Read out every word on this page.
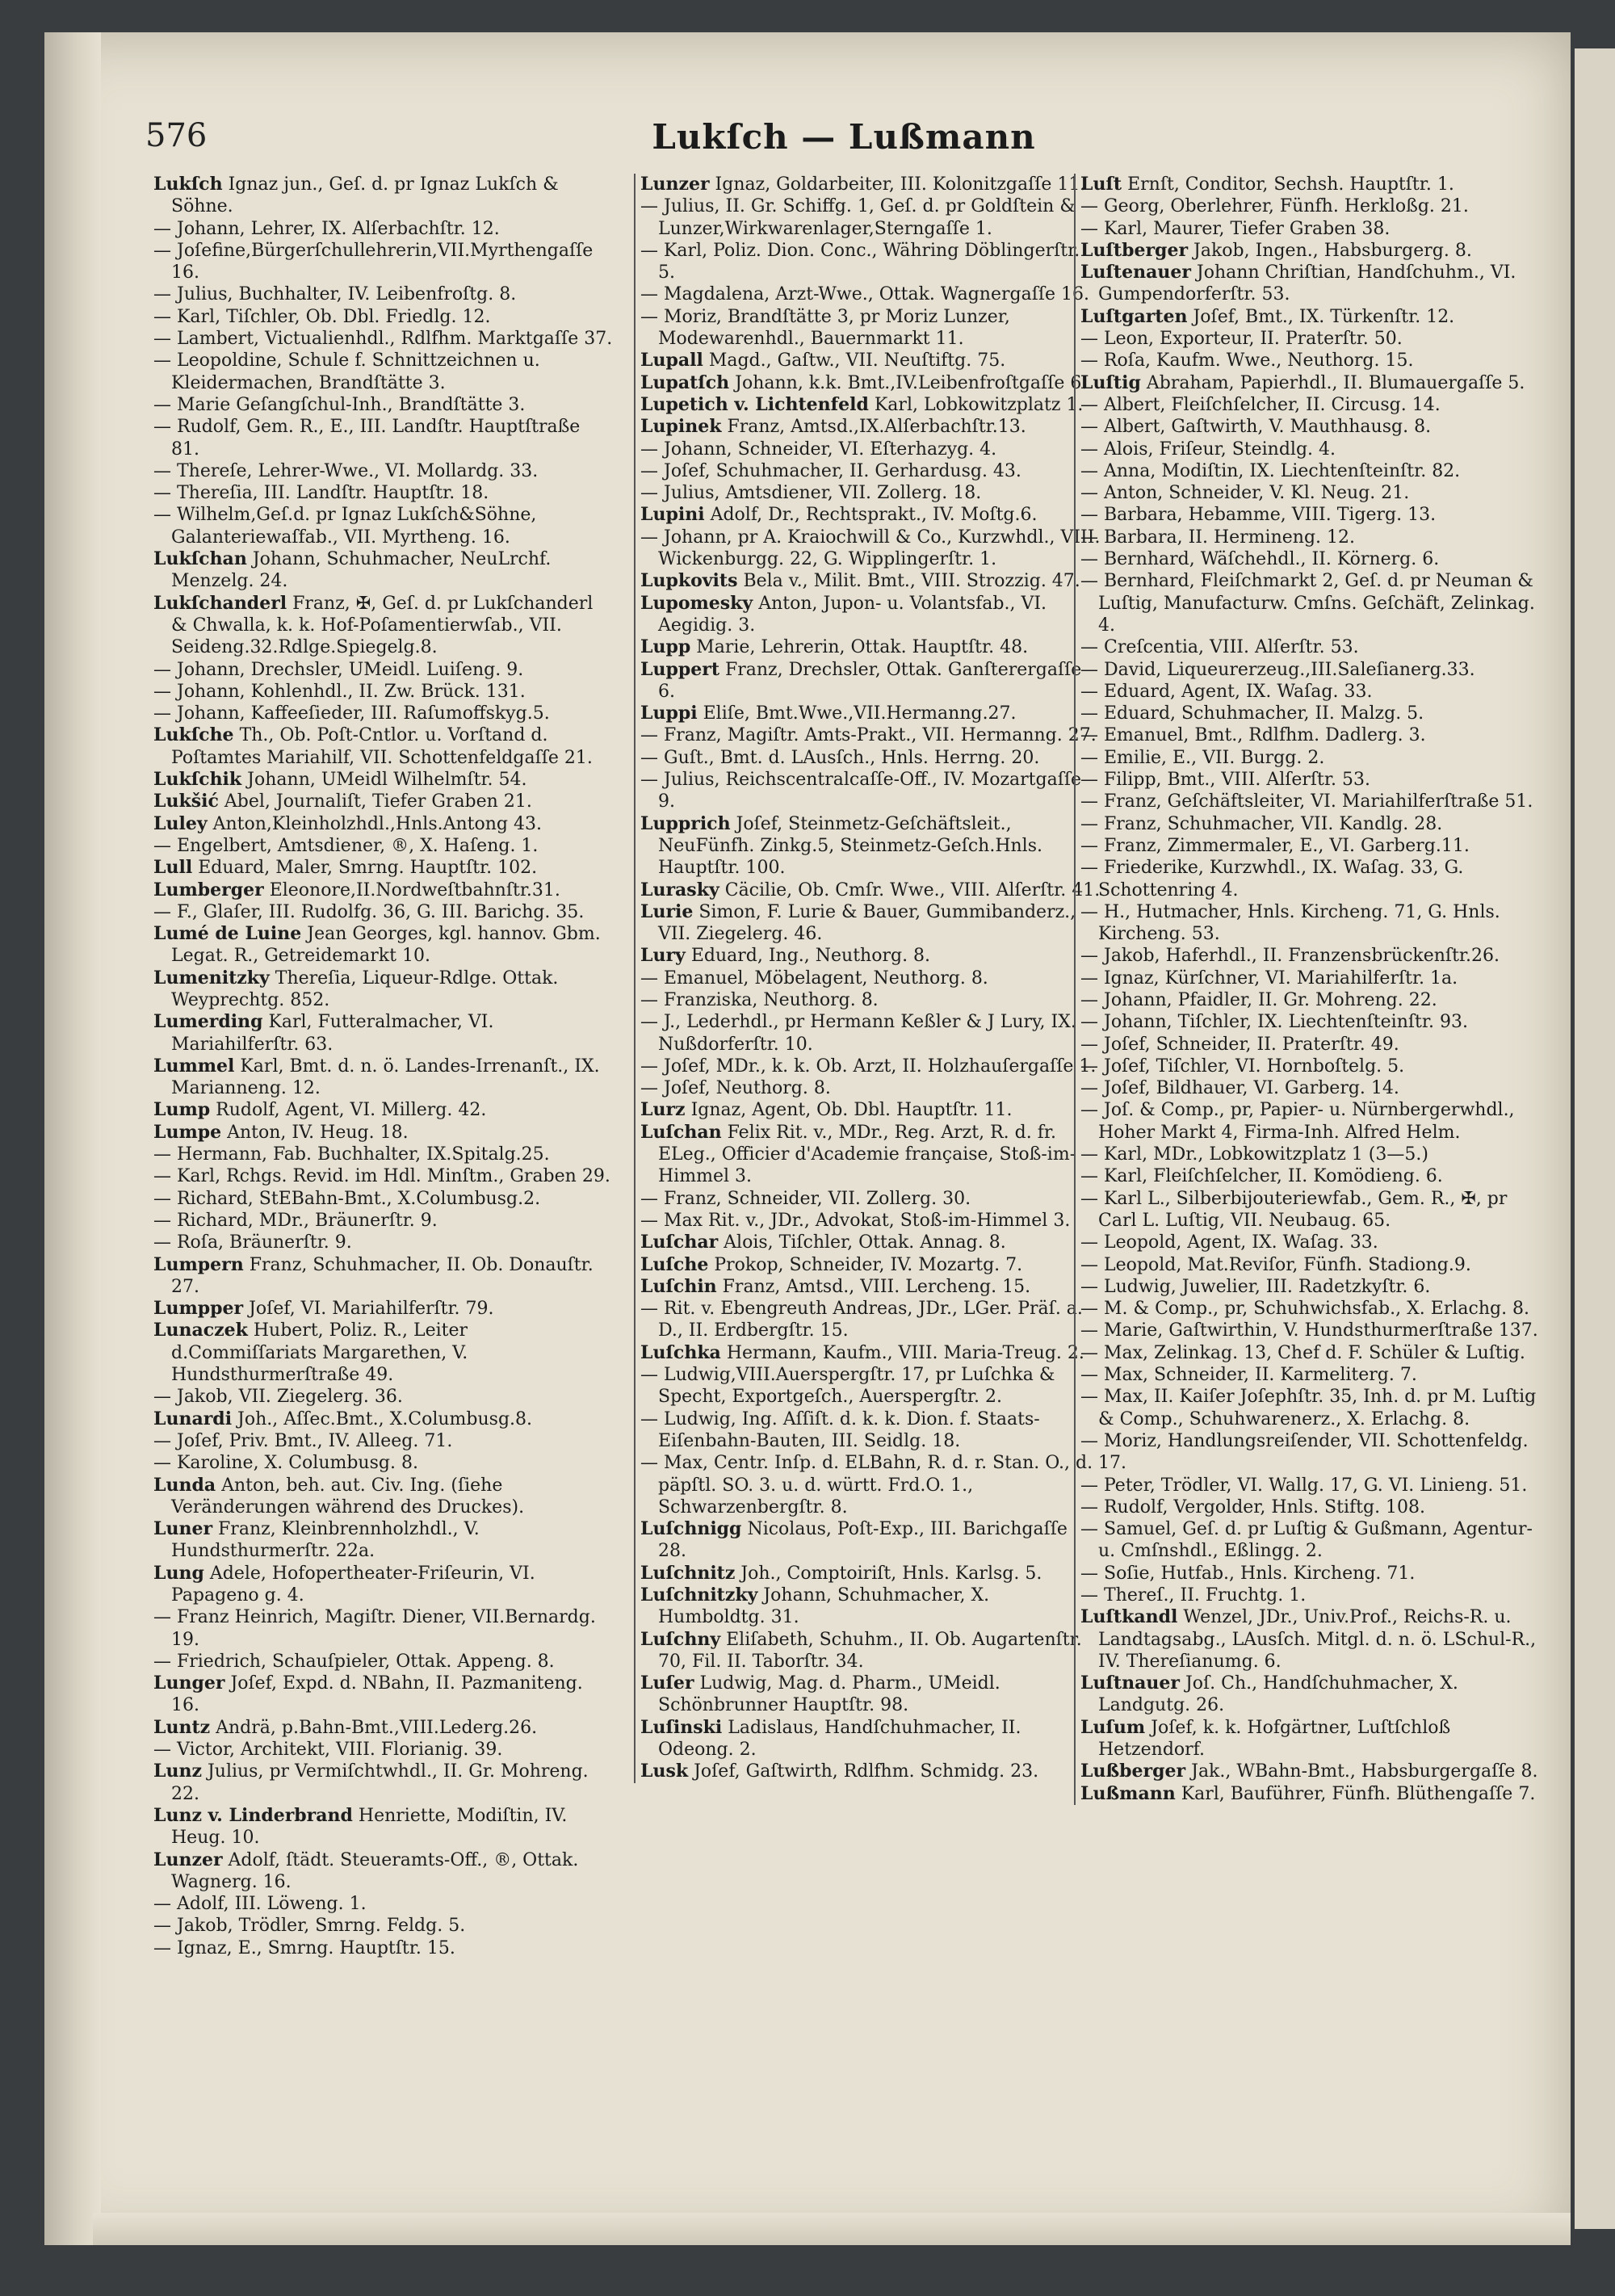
576	Lukſch — Lußmann
Lukſch Ignaz jun., Geſ. d. pr Ignaz Lukſch & Söhne.
— Johann, Lehrer, IX. Alſerbachſtr. 12.
— Joſefine,Bürgerſchullehrerin,VII.Myrthengaſſe 16.
— Julius, Buchhalter, IV. Leibenfroſtg. 8.
— Karl, Tiſchler, Ob. Dbl. Friedlg. 12.
— Lambert, Victualienhdl., Rdlfhm. Marktgaſſe 37.
— Leopoldine, Schule f. Schnittzeichnen u. Kleidermachen, Brandſtätte 3.
— Marie Geſangſchul-Inh., Brandſtätte 3.
— Rudolf, Gem. R., E., III. Landſtr. Hauptſtraße 81.
— Thereſe, Lehrer-Wwe., VI. Mollardg. 33.
— Thereſia, III. Landſtr. Hauptſtr. 18.
— Wilhelm,Geſ.d. pr Ignaz Lukſch&Söhne, Galanteriewaſfab., VII. Myrtheng. 16.
Lukſchan Johann, Schuhmacher, NeuLrchf. Menzelg. 24.
Lukſchanderl Franz, ✠, Geſ. d. pr Lukſchanderl & Chwalla, k. k. Hof-Poſamentierwſab., VII. Seideng.32.Rdlge.Spiegelg.8.
— Johann, Drechsler, UMeidl. Luiſeng. 9.
— Johann, Kohlenhdl., II. Zw. Brück. 131.
— Johann, Kaffeeſieder, III. Raſumoffskyg.5.
Lukſche Th., Ob. Poſt-Cntlor. u. Vorſtand d. Poſtamtes Mariahilf, VII. Schottenfeldgaſſe 21.
Lukſchik Johann, UMeidl Wilhelmſtr. 54.
Lukšić Abel, Journaliſt, Tiefer Graben 21.
Luley Anton,Kleinholzhdl.,Hnls.Antong 43.
— Engelbert, Amtsdiener, ®, X. Haſeng. 1.
Lull Eduard, Maler, Smrng. Hauptſtr. 102.
Lumberger Eleonore,II.Nordweſtbahnſtr.31.
— F., Glaſer, III. Rudolfg. 36, G. III. Barichg. 35.
Lumé de Luine Jean Georges, kgl. hannov. Gbm. Legat. R., Getreidemarkt 10.
Lumenitzky Thereſia, Liqueur-Rdlge. Ottak. Weyprechtg. 852.
Lumerding Karl, Futteralmacher, VI. Mariahilferſtr. 63.
Lummel Karl, Bmt. d. n. ö. Landes-Irrenanſt., IX. Marianneng. 12.
Lump Rudolf, Agent, VI. Millerg. 42.
Lumpe Anton, IV. Heug. 18.
— Hermann, Fab. Buchhalter, IX.Spitalg.25.
— Karl, Rchgs. Revid. im Hdl. Minſtm., Graben 29.
— Richard, StEBahn-Bmt., X.Columbusg.2.
— Richard, MDr., Bräunerſtr. 9.
— Roſa, Bräunerſtr. 9.
Lumpern Franz, Schuhmacher, II. Ob. Donauſtr. 27.
Lumpper Joſef, VI. Mariahilferſtr. 79.
Lunaczek Hubert, Poliz. R., Leiter d.Commiſſariats Margarethen, V. Hundsthurmerſtraße 49.
— Jakob, VII. Ziegelerg. 36.
Lunardi Joh., Aſſec.Bmt., X.Columbusg.8.
— Joſef, Priv. Bmt., IV. Alleeg. 71.
— Karoline, X. Columbusg. 8.
Lunda Anton, beh. aut. Civ. Ing. (ſiehe Veränderungen während des Druckes).
Luner Franz, Kleinbrennholzhdl., V. Hundsthurmerſtr. 22a.
Lung Adele, Hofopertheater-Friſeurin, VI. Papageno g. 4.
— Franz Heinrich, Magiſtr. Diener, VII.Bernardg. 19.
— Friedrich, Schauſpieler, Ottak. Appeng. 8.
Lunger Joſef, Expd. d. NBahn, II. Pazmaniteng. 16.
Luntz Andrä, p.Bahn-Bmt.,VIII.Lederg.26.
— Victor, Architekt, VIII. Florianig. 39.
Lunz Julius, pr Vermiſchtwhdl., II. Gr. Mohreng. 22.
Lunz v. Linderbrand Henriette, Modiſtin, IV. Heug. 10.
Lunzer Adolf, ſtädt. Steueramts-Off., ®, Ottak. Wagnerg. 16.
— Adolf, III. Löweng. 1.
— Jakob, Trödler, Smrng. Feldg. 5.
— Ignaz, E., Smrng. Hauptſtr. 15.
Lunzer Ignaz, Goldarbeiter, III. Kolonitzgaſſe 11.
— Julius, II. Gr. Schiffg. 1, Geſ. d. pr Goldſtein & Lunzer,Wirkwarenlager,Sterngaſſe 1.
— Karl, Poliz. Dion. Conc., Währing Döblingerſtr. 5.
— Magdalena, Arzt-Wwe., Ottak. Wagnergaſſe 16.
— Moriz, Brandſtätte 3, pr Moriz Lunzer, Modewarenhdl., Bauernmarkt 11.
Lupall Magd., Gaſtw., VII. Neuſtiftg. 75.
Lupatſch Johann, k.k. Bmt.,IV.Leibenfroſtgaſſe 6.
Lupetich v. Lichtenfeld Karl, Lobkowitzplatz 1.
Lupinek Franz, Amtsd.,IX.Alſerbachſtr.13.
— Johann, Schneider, VI. Eſterhazyg. 4.
— Joſef, Schuhmacher, II. Gerhardusg. 43.
— Julius, Amtsdiener, VII. Zollerg. 18.
Lupini Adolf, Dr., Rechtsprakt., IV. Moſtg.6.
— Johann, pr A. Kraiochwill & Co., Kurzwhdl., VIII. Wickenburgg. 22, G. Wipplingerſtr. 1.
Lupkovits Bela v., Milit. Bmt., VIII. Strozzig. 47.
Lupomesky Anton, Jupon- u. Volantsfab., VI. Aegidig. 3.
Lupp Marie, Lehrerin, Ottak. Hauptſtr. 48.
Luppert Franz, Drechsler, Ottak. Ganſterergaſſe 6.
Luppi Eliſe, Bmt.Wwe.,VII.Hermanng.27.
— Franz, Magiſtr. Amts-Prakt., VII. Hermanng. 27.
— Guſt., Bmt. d. LAusſch., Hnls. Herrng. 20.
— Julius, Reichscentralcaſſe-Off., IV. Mozartgaſſe 9.
Lupprich Joſef, Steinmetz-Geſchäftsleit., NeuFünfh. Zinkg.5, Steinmetz-Geſch.Hnls. Hauptſtr. 100.
Lurasky Cäcilie, Ob. Cmſr. Wwe., VIII. Alſerſtr. 41.
Lurie Simon, F. Lurie & Bauer, Gummibanderz., VII. Ziegelerg. 46.
Lury Eduard, Ing., Neuthorg. 8.
— Emanuel, Möbelagent, Neuthorg. 8.
— Franziska, Neuthorg. 8.
— J., Lederhdl., pr Hermann Keßler & J Lury, IX. Nußdorferſtr. 10.
— Joſef, MDr., k. k. Ob. Arzt, II. Holzhauſergaſſe 1.
— Joſef, Neuthorg. 8.
Lurz Ignaz, Agent, Ob. Dbl. Hauptſtr. 11.
Luſchan Felix Rit. v., MDr., Reg. Arzt, R. d. fr. ELeg., Officier d'Academie française, Stoß-im-Himmel 3.
— Franz, Schneider, VII. Zollerg. 30.
— Max Rit. v., JDr., Advokat, Stoß-im-Himmel 3.
Luſchar Alois, Tiſchler, Ottak. Annag. 8.
Luſche Prokop, Schneider, IV. Mozartg. 7.
Luſchin Franz, Amtsd., VIII. Lercheng. 15.
— Rit. v. Ebengreuth Andreas, JDr., LGer. Präſ. a. D., II. Erdbergſtr. 15.
Luſchka Hermann, Kaufm., VIII. Maria-Treug. 2.
— Ludwig,VIII.Auerspergſtr. 17, pr Luſchka & Specht, Exportgeſch., Auerspergſtr. 2.
— Ludwig, Ing. Aſſiſt. d. k. k. Dion. f. Staats-Eiſenbahn-Bauten, III. Seidlg. 18.
— Max, Centr. Inſp. d. ELBahn, R. d. r. Stan. O., d. päpſtl. SO. 3. u. d. württ. Frd.O. 1., Schwarzenbergſtr. 8.
Luſchnigg Nicolaus, Poſt-Exp., III. Barichgaſſe 28.
Luſchnitz Joh., Comptoiriſt, Hnls. Karlsg. 5.
Luſchnitzky Johann, Schuhmacher, X. Humboldtg. 31.
Luſchny Eliſabeth, Schuhm., II. Ob. Augartenſtr. 70, Fil. II. Taborſtr. 34.
Luſer Ludwig, Mag. d. Pharm., UMeidl. Schönbrunner Hauptſtr. 98.
Luſinski Ladislaus, Handſchuhmacher, II. Odeong. 2.
Lusk Joſef, Gaſtwirth, Rdlfhm. Schmidg. 23.
Luſt Ernſt, Conditor, Sechsh. Hauptſtr. 1.
— Georg, Oberlehrer, Fünfh. Herkloßg. 21.
— Karl, Maurer, Tiefer Graben 38.
Luſtberger Jakob, Ingen., Habsburgerg. 8.
Luſtenauer Johann Chriſtian, Handſchuhm., VI. Gumpendorferſtr. 53.
Luſtgarten Joſef, Bmt., IX. Türkenſtr. 12.
— Leon, Exporteur, II. Praterſtr. 50.
— Roſa, Kaufm. Wwe., Neuthorg. 15.
Luſtig Abraham, Papierhdl., II. Blumauergaſſe 5.
— Albert, Fleiſchſelcher, II. Circusg. 14.
— Albert, Gaſtwirth, V. Mauthhausg. 8.
— Alois, Friſeur, Steindlg. 4.
— Anna, Modiſtin, IX. Liechtenſteinſtr. 82.
— Anton, Schneider, V. Kl. Neug. 21.
— Barbara, Hebamme, VIII. Tigerg. 13.
— Barbara, II. Hermineng. 12.
— Bernhard, Wäſchehdl., II. Körnerg. 6.
— Bernhard, Fleiſchmarkt 2, Geſ. d. pr Neuman & Luſtig, Manufacturw. Cmſns. Geſchäft, Zelinkag. 4.
— Creſcentia, VIII. Alſerſtr. 53.
— David, Liqueurerzeug.,III.Saleſianerg.33.
— Eduard, Agent, IX. Waſag. 33.
— Eduard, Schuhmacher, II. Malzg. 5.
— Emanuel, Bmt., Rdlfhm. Dadlerg. 3.
— Emilie, E., VII. Burgg. 2.
— Filipp, Bmt., VIII. Alſerſtr. 53.
— Franz, Geſchäftsleiter, VI. Mariahilferſtraße 51.
— Franz, Schuhmacher, VII. Kandlg. 28.
— Franz, Zimmermaler, E., VI. Garberg.11.
— Friederike, Kurzwhdl., IX. Waſag. 33, G. Schottenring 4.
— H., Hutmacher, Hnls. Kircheng. 71, G. Hnls. Kircheng. 53.
— Jakob, Haferhdl., II. Franzensbrückenſtr.26.
— Ignaz, Kürſchner, VI. Mariahilferſtr. 1a.
— Johann, Pfaidler, II. Gr. Mohreng. 22.
— Johann, Tiſchler, IX. Liechtenſteinſtr. 93.
— Joſef, Schneider, II. Praterſtr. 49.
— Joſef, Tiſchler, VI. Hornboſtelg. 5.
— Joſef, Bildhauer, VI. Garberg. 14.
— Joſ. & Comp., pr, Papier- u. Nürnbergerwhdl., Hoher Markt 4, Firma-Inh. Alfred Helm.
— Karl, MDr., Lobkowitzplatz 1 (3—5.)
— Karl, Fleiſchſelcher, II. Komödieng. 6.
— Karl L., Silberbijouteriewfab., Gem. R., ✠, pr Carl L. Luſtig, VII. Neubaug. 65.
— Leopold, Agent, IX. Waſag. 33.
— Leopold, Mat.Reviſor, Fünfh. Stadiong.9.
— Ludwig, Juwelier, III. Radetzkyſtr. 6.
— M. & Comp., pr, Schuhwichsfab., X. Erlachg. 8.
— Marie, Gaſtwirthin, V. Hundsthurmerſtraße 137.
— Max, Zelinkag. 13, Chef d. F. Schüler & Luſtig.
— Max, Schneider, II. Karmeliterg. 7.
— Max, II. Kaiſer Joſephſtr. 35, Inh. d. pr M. Luſtig & Comp., Schuhwarenerz., X. Erlachg. 8.
— Moriz, Handlungsreiſender, VII. Schottenfeldg. 17.
— Peter, Trödler, VI. Wallg. 17, G. VI. Linieng. 51.
— Rudolf, Vergolder, Hnls. Stiftg. 108.
— Samuel, Geſ. d. pr Luſtig & Gußmann, Agentur- u. Cmſnshdl., Eßlingg. 2.
— Soſie, Hutfab., Hnls. Kircheng. 71.
— Thereſ., II. Fruchtg. 1.
Luſtkandl Wenzel, JDr., Univ.Prof., Reichs-R. u. Landtagsabg., LAusſch. Mitgl. d. n. ö. LSchul-R., IV. Thereſianumg. 6.
Luſtnauer Joſ. Ch., Handſchuhmacher, X. Landgutg. 26.
Luſum Joſef, k. k. Hofgärtner, Luſtſchloß Hetzendorf.
Lußberger Jak., WBahn-Bmt., Habsburgergaſſe 8.
Lußmann Karl, Bauführer, Fünfh. Blüthengaſſe 7.
